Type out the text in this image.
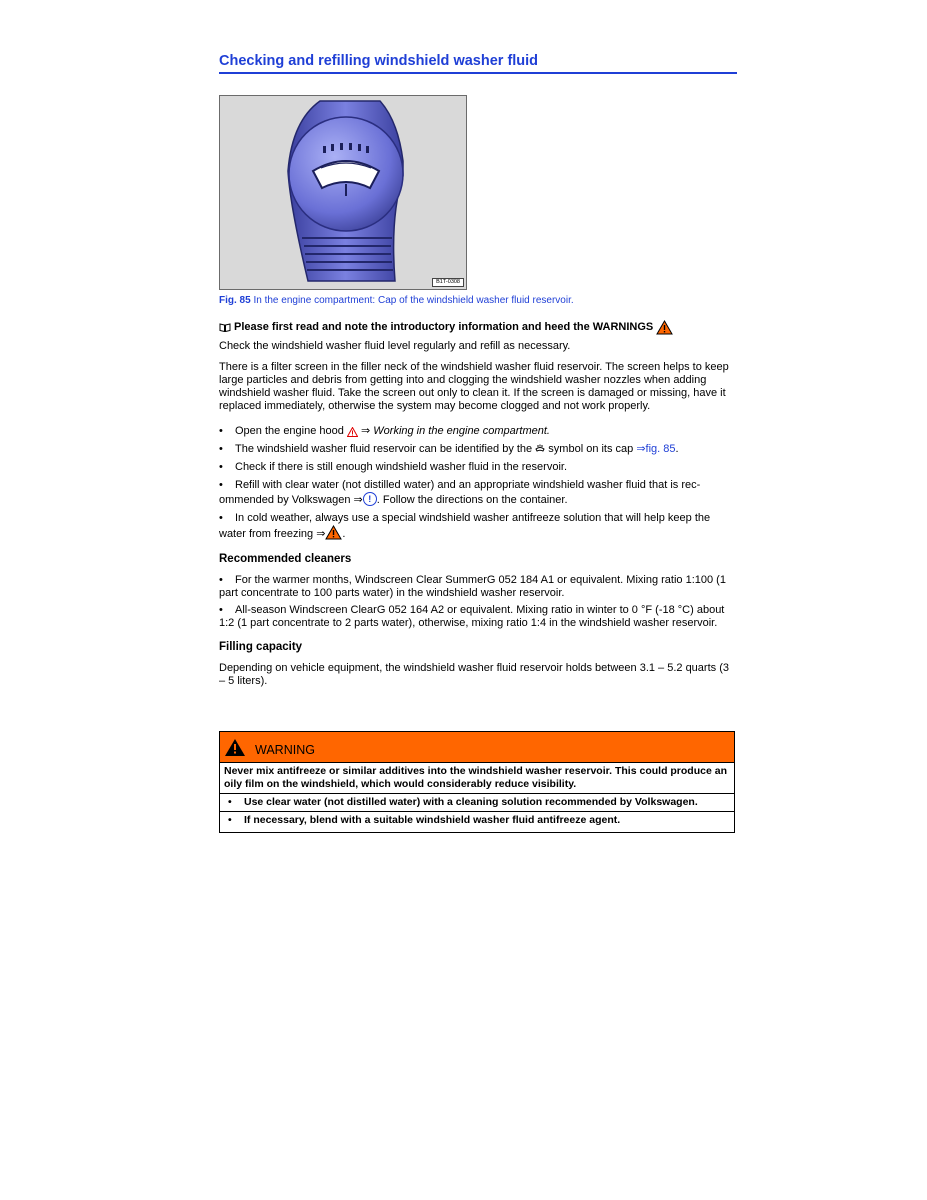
Checking and refilling windshield washer fluid
B1T-0308
Fig. 85 In the engine compartment: Cap of the windshield washer fluid reservoir.
Please first read and note the introductory information and heed the WARNINGS

Check the windshield washer fluid level regularly and refill as necessary.

There is a filter screen in the filler neck of the windshield washer fluid reservoir. The screen helps to keep large particles and debris from getting into and clogging the windshield washer nozzles when adding windshield washer fluid. Take the screen out only to clean it. If the screen is damaged or missing, have it replaced immediately, otherwise the system may become clogged and not work properly.

• Open the engine hood ⇒ Working in the engine compartment.
• The windshield washer fluid reservoir can be identified by the symbol on its cap ⇒fig. 85.
• Check if there is still enough windshield washer fluid in the reservoir.
• Refill with clear water (not distilled water) and an appropriate windshield washer fluid that is rec-
ommended by Volkswagen ⇒ ! . Follow the directions on the container.
• In cold weather, always use a special windshield washer antifreeze solution that will help keep the
water from freezing ⇒ .
Recommended cleaners

• For the warmer months, Windscreen Clear SummerG 052 184 A1 or equivalent. Mixing ratio 1:100 (1 part concentrate to 100 parts water) in the windshield washer reservoir.

• All-season Windscreen ClearG 052 164 A2 or equivalent. Mixing ratio in winter to 0 °F (-18 °C) about 1:2 (1 part concentrate to 2 parts water), otherwise, mixing ratio 1:4 in the windshield washer reservoir.

Filling capacity

Depending on vehicle equipment, the windshield washer fluid reservoir holds between 3.1 – 5.2 quarts (3 – 5 liters).

WARNING
Never mix antifreeze or similar additives into the windshield washer reservoir. This could produce an oily film on the windshield, which would considerably reduce visibility.
• Use clear water (not distilled water) with a cleaning solution recommended by Volkswagen.
• If necessary, blend with a suitable windshield washer fluid antifreeze agent.
